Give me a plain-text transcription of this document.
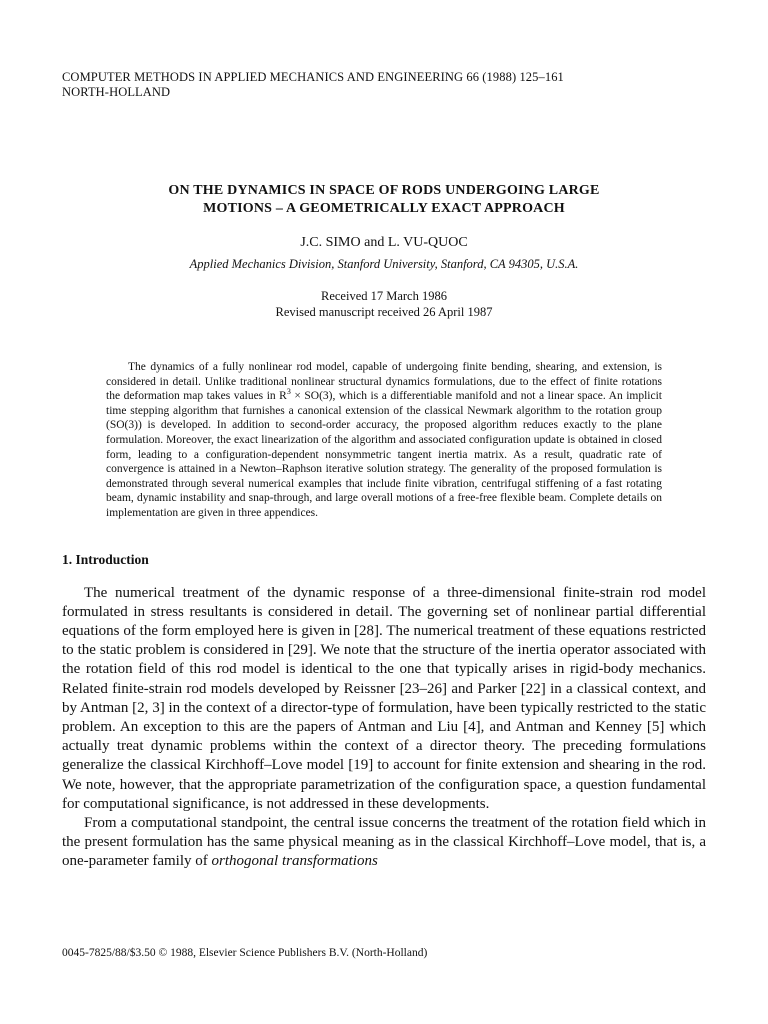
COMPUTER METHODS IN APPLIED MECHANICS AND ENGINEERING 66 (1988) 125–161
NORTH-HOLLAND
ON THE DYNAMICS IN SPACE OF RODS UNDERGOING LARGE
MOTIONS – A GEOMETRICALLY EXACT APPROACH
J.C. SIMO and L. VU-QUOC
Applied Mechanics Division, Stanford University, Stanford, CA 94305, U.S.A.
Received 17 March 1986
Revised manuscript received 26 April 1987
The dynamics of a fully nonlinear rod model, capable of undergoing finite bending, shearing, and extension, is considered in detail. Unlike traditional nonlinear structural dynamics formulations, due to the effect of finite rotations the deformation map takes values in $R^3 \times SO(3)$, which is a differentiable manifold and not a linear space. An implicit time stepping algorithm that furnishes a canonical extension of the classical Newmark algorithm to the rotation group (SO(3)) is developed. In addition to second-order accuracy, the proposed algorithm reduces exactly to the plane formulation. Moreover, the exact linearization of the algorithm and associated configuration update is obtained in closed form, leading to a configuration-dependent nonsymmetric tangent inertia matrix. As a result, quadratic rate of convergence is attained in a Newton–Raphson iterative solution strategy. The generality of the proposed formulation is demonstrated through several numerical examples that include finite vibration, centrifugal stiffening of a fast rotating beam, dynamic instability and snap-through, and large overall motions of a free-free flexible beam. Complete details on implementation are given in three appendices.
1. Introduction

The numerical treatment of the dynamic response of a three-dimensional finite-strain rod model formulated in stress resultants is considered in detail. The governing set of nonlinear partial differential equations of the form employed here is given in [28]. The numerical treatment of these equations restricted to the static problem is considered in [29]. We note that the structure of the inertia operator associated with the rotation field of this rod model is identical to the one that typically arises in rigid-body mechanics. Related finite-strain rod models developed by Reissner [23–26] and Parker [22] in a classical context, and by Antman [2, 3] in the context of a director-type of formulation, have been typically restricted to the static problem. An exception to this are the papers of Antman and Liu [4], and Antman and Kenney [5] which actually treat dynamic problems within the context of a director theory. The preceding formulations generalize the classical Kirchhoff–Love model [19] to account for finite extension and shearing in the rod. We note, however, that the appropriate parametrization of the configuration space, a question fundamental for computational significance, is not addressed in these developments.

From a computational standpoint, the central issue concerns the treatment of the rotation field which in the present formulation has the same physical meaning as in the classical Kirchhoff–Love model, that is, a one-parameter family of orthogonal transformations

0045-7825/88/$3.50 © 1988, Elsevier Science Publishers B.V. (North-Holland)
